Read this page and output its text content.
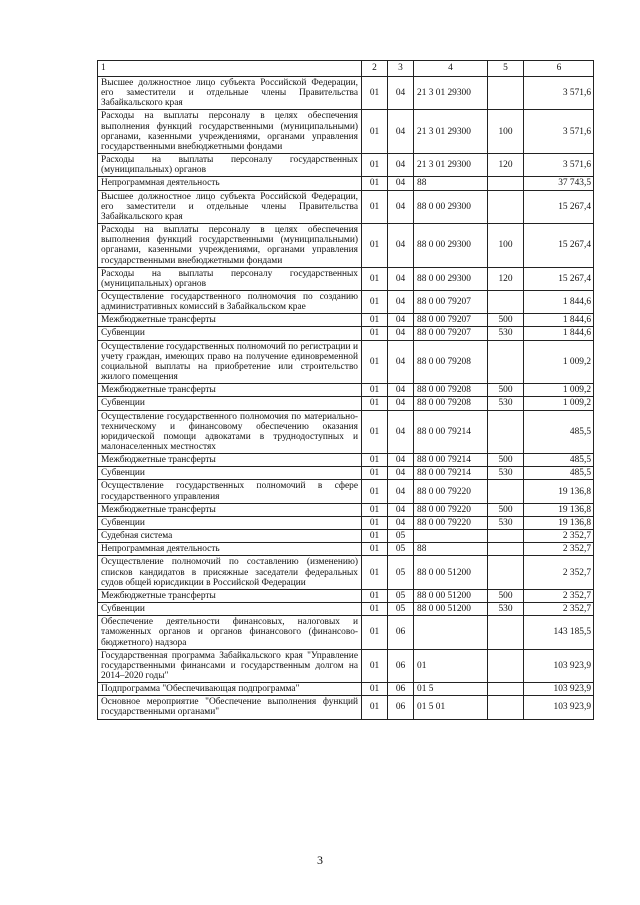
1	2	3	4	5	6
Высшее должностное лицо субъекта Российской Федерации, его заместители и отдельные члены Правительства Забайкальского края	01	04	21 3 01 29300		3 571,6
Расходы на выплаты персоналу в целях обеспечения выполнения функций государственными (муниципальными) органами, казенными учреждениями, органами управления государственными внебюджетными фондами	01	04	21 3 01 29300	100	3 571,6
Расходы на выплаты персоналу государственных (муниципальных) органов	01	04	21 3 01 29300	120	3 571,6
Непрограммная деятельность	01	04	88		37 743,5
Высшее должностное лицо субъекта Российской Федерации, его заместители и отдельные члены Правительства Забайкальского края	01	04	88 0 00 29300		15 267,4
Расходы на выплаты персоналу в целях обеспечения выполнения функций государственными (муниципальными) органами, казенными учреждениями, органами управления государственными внебюджетными фондами	01	04	88 0 00 29300	100	15 267,4
Расходы на выплаты персоналу государственных (муниципальных) органов	01	04	88 0 00 29300	120	15 267,4
Осуществление государственного полномочия по созданию административных комиссий в Забайкальском крае	01	04	88 0 00 79207		1 844,6
Межбюджетные трансферты	01	04	88 0 00 79207	500	1 844,6
Субвенции	01	04	88 0 00 79207	530	1 844,6
Осуществление государственных полномочий по регистрации и учету граждан, имеющих право на получение единовременной социальной выплаты на приобретение или строительство жилого помещения	01	04	88 0 00 79208		1 009,2
Межбюджетные трансферты	01	04	88 0 00 79208	500	1 009,2
Субвенции	01	04	88 0 00 79208	530	1 009,2
Осуществление государственного полномочия по материально-техническому и финансовому обеспечению оказания юридической помощи адвокатами в труднодоступных и малонаселенных местностях	01	04	88 0 00 79214		485,5
Межбюджетные трансферты	01	04	88 0 00 79214	500	485,5
Субвенции	01	04	88 0 00 79214	530	485,5
Осуществление государственных полномочий в сфере государственного управления	01	04	88 0 00 79220		19 136,8
Межбюджетные трансферты	01	04	88 0 00 79220	500	19 136,8
Субвенции	01	04	88 0 00 79220	530	19 136,8
Судебная система	01	05			2 352,7
Непрограммная деятельность	01	05	88		2 352,7
Осуществление полномочий по составлению (изменению) списков кандидатов в присяжные заседатели федеральных судов общей юрисдикции в Российской Федерации	01	05	88 0 00 51200		2 352,7
Межбюджетные трансферты	01	05	88 0 00 51200	500	2 352,7
Субвенции	01	05	88 0 00 51200	530	2 352,7
Обеспечение деятельности финансовых, налоговых и таможенных органов и органов финансового (финансово-бюджетного) надзора	01	06			143 185,5
Государственная программа Забайкальского края "Управление государственными финансами и государственным долгом на 2014–2020 годы"	01	06	01		103 923,9
Подпрограмма "Обеспечивающая подпрограмма"	01	06	01 5		103 923,9
Основное мероприятие "Обеспечение выполнения функций государственными органами"	01	06	01 5 01		103 923,9
3
